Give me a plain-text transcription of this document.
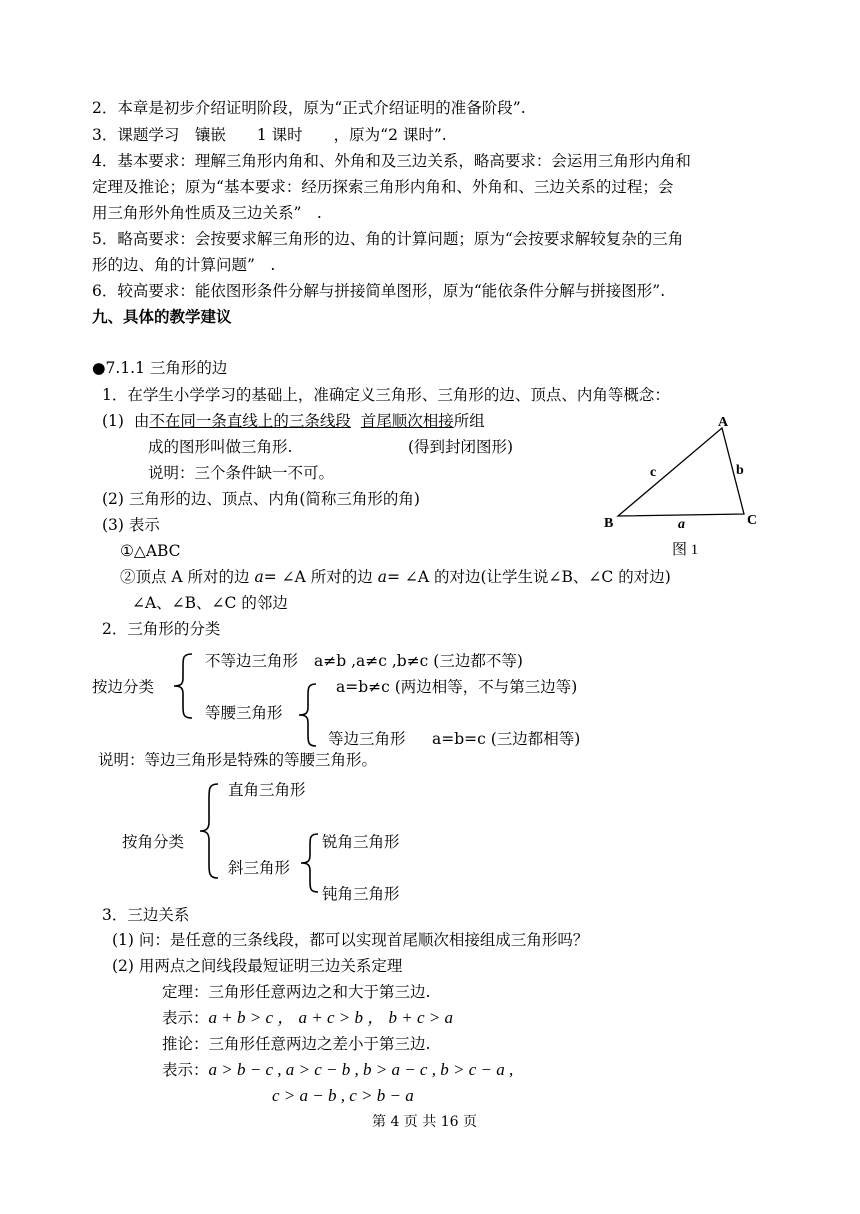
2．本章是初步介绍证明阶段，原为“正式介绍证明的准备阶段”.
3．课题学习　镶嵌　　1 课时　　，原为“2 课时”.
4．基本要求：理解三角形内角和、外角和及三边关系，略高要求：会运用三角形内角和
定理及推论；原为“基本要求：经历探索三角形内角和、外角和、三边关系的过程；会
用三角形外角性质及三边关系”　.
5．略高要求：会按要求解三角形的边、角的计算问题；原为“会按要求解较复杂的三角
形的边、角的计算问题”　.
6．较高要求：能依图形条件分解与拼接简单图形，原为“能依条件分解与拼接图形”.
九、具体的教学建议
●7.1.1 三角形的边
1．在学生小学学习的基础上，准确定义三角形、三角形的边、顶点、内角等概念：
(1) 由不在同一条直线上的三条线段 首尾顺次相接所组
成的图形叫做三角形.	(得到封闭图形)
说明：三个条件缺一不可。
(2) 三角形的边、顶点、内角(简称三角形的角)
(3) 表示
①△ABC
②顶点 A 所对的边 a= ∠A 所对的边 a= ∠A 的对边(让学生说∠B、∠C 的对边)
∠A、∠B、∠C 的邻边
A
B	C
c	b
a
图 1
2．三角形的分类
按边分类
不等边三角形 a≠b ,a≠c ,b≠c (三边都不等)
等腰三角形
a=b≠c (两边相等，不与第三边等)
等边三角形 a=b=c (三边都相等)
说明：等边三角形是特殊的等腰三角形。
按角分类
直角三角形
斜三角形
锐角三角形
钝角三角形
3．三边关系
(1) 问：是任意的三条线段，都可以实现首尾顺次相接组成三角形吗？
(2) 用两点之间线段最短证明三边关系定理
定理：三角形任意两边之和大于第三边.
表示：a + b > c ， a + c > b ， b + c > a
推论：三角形任意两边之差小于第三边.
表示：a > b − c , a > c − b , b > a − c , b > c − a ,
c > a − b , c > b − a
第 4 页 共 16 页
